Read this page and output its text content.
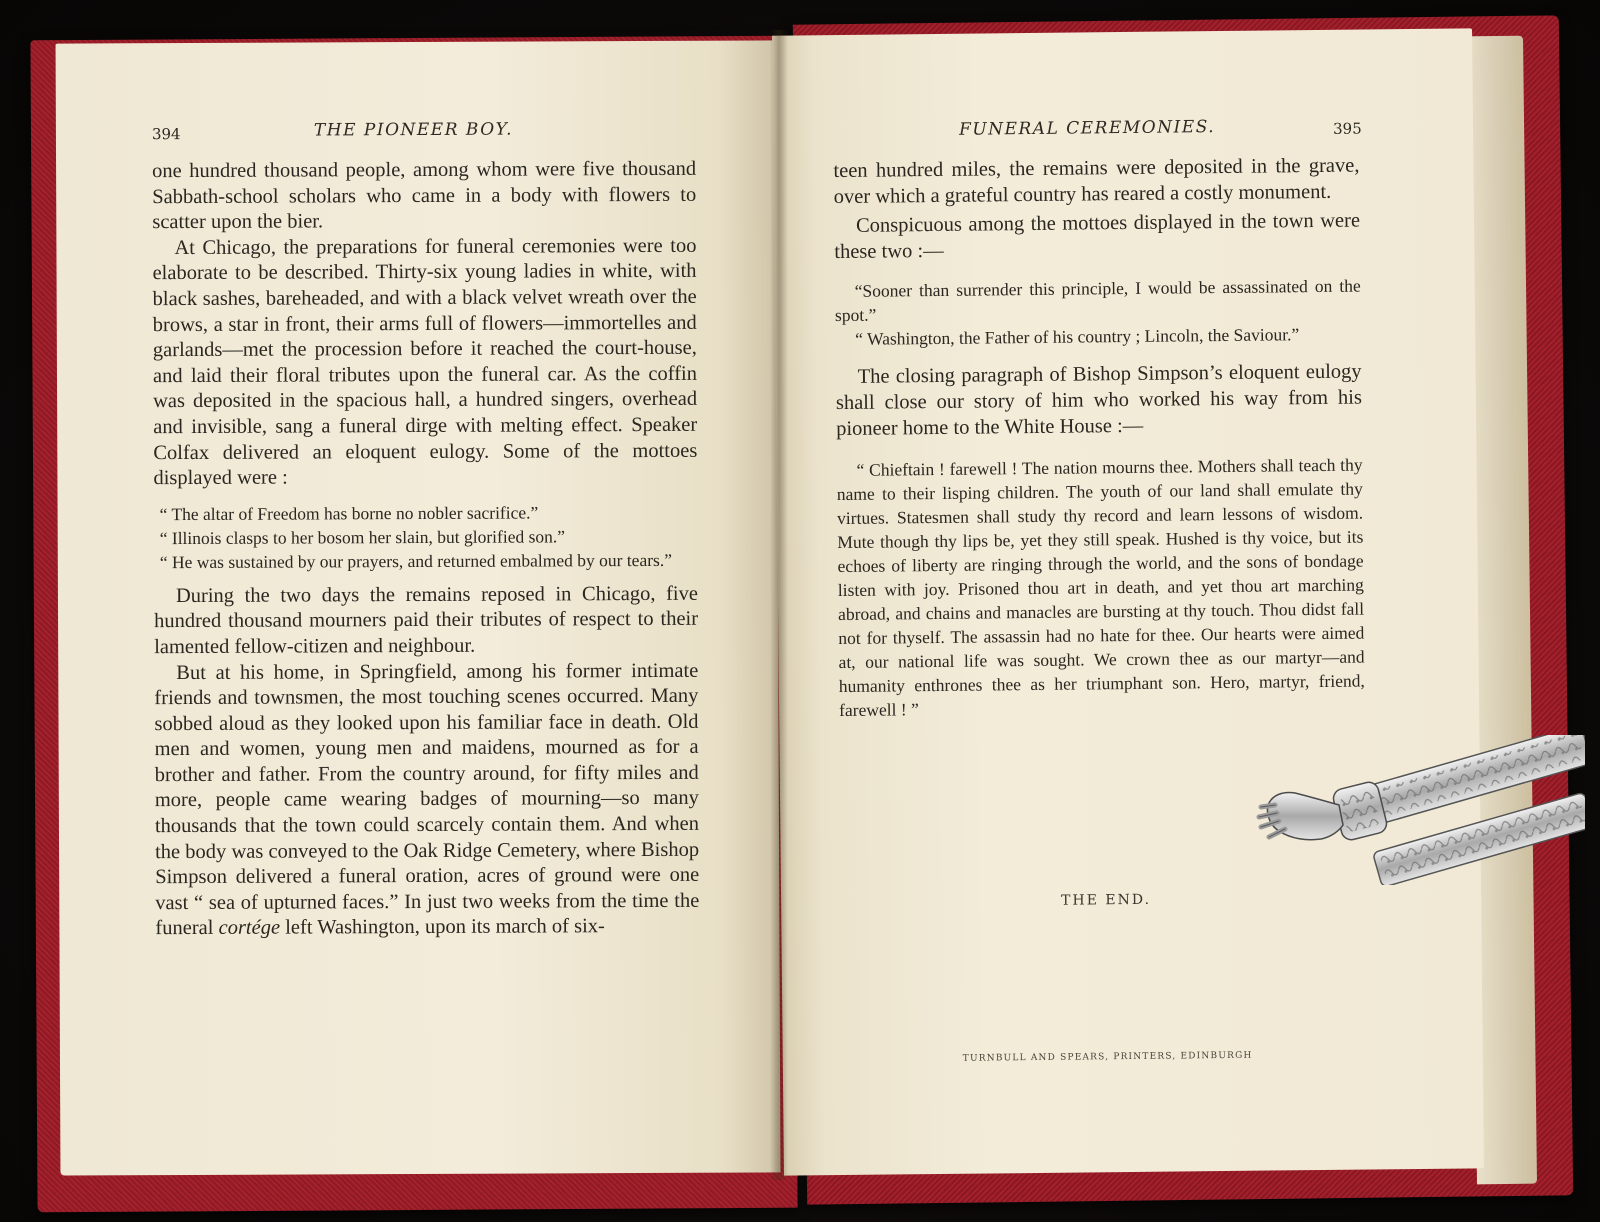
394	THE PIONEER BOY.

one hundred thousand people, among whom were five thousand Sabbath-school scholars who came in a body with flowers to scatter upon the bier.

At Chicago, the preparations for funeral ceremonies were too elaborate to be described. Thirty-six young ladies in white, with black sashes, bareheaded, and with a black velvet wreath over the brows, a star in front, their arms full of flowers—immortelles and garlands—met the procession before it reached the court-house, and laid their floral tributes upon the funeral car. As the coffin was deposited in the spacious hall, a hundred singers, overhead and invisible, sang a funeral dirge with melting effect. Speaker Colfax delivered an eloquent eulogy. Some of the mottoes displayed were :

“ The altar of Freedom has borne no nobler sacrifice.”

“ Illinois clasps to her bosom her slain, but glorified son.”

“ He was sustained by our prayers, and returned embalmed by our tears.”

During the two days the remains reposed in Chicago, five hundred thousand mourners paid their tributes of respect to their lamented fellow-citizen and neighbour.

But at his home, in Springfield, among his former intimate friends and townsmen, the most touching scenes occurred. Many sobbed aloud as they looked upon his familiar face in death. Old men and women, young men and maidens, mourned as for a brother and father. From the country around, for fifty miles and more, people came wearing badges of mourning—so many thousands that the town could scarcely contain them. And when the body was conveyed to the Oak Ridge Cemetery, where Bishop Simpson delivered a funeral oration, acres of ground were one vast “ sea of upturned faces.” In just two weeks from the time the funeral cortége left Washington, upon its march of six-

FUNERAL CEREMONIES.	395

teen hundred miles, the remains were deposited in the grave, over which a grateful country has reared a costly monument.

Conspicuous among the mottoes displayed in the town were these two :—

“Sooner than surrender this principle, I would be assassinated on the spot.”

“ Washington, the Father of his country ; Lincoln, the Saviour.”

The closing paragraph of Bishop Simpson’s eloquent eulogy shall close our story of him who worked his way from his pioneer home to the White House :—

“ Chieftain ! farewell ! The nation mourns thee. Mothers shall teach thy name to their lisping children. The youth of our land shall emulate thy virtues. Statesmen shall study thy record and learn lessons of wisdom. Mute though thy lips be, yet they still speak. Hushed is thy voice, but its echoes of liberty are ringing through the world, and the sons of bondage listen with joy. Prisoned thou art in death, and yet thou art marching abroad, and chains and manacles are bursting at thy touch. Thou didst fall not for thyself. The assassin had no hate for thee. Our hearts were aimed at, our national life was sought. We crown thee as our martyr—and humanity enthrones thee as her triumphant son. Hero, martyr, friend, farewell ! ”

THE END.
TURNBULL AND SPEARS, PRINTERS, EDINBURGH
